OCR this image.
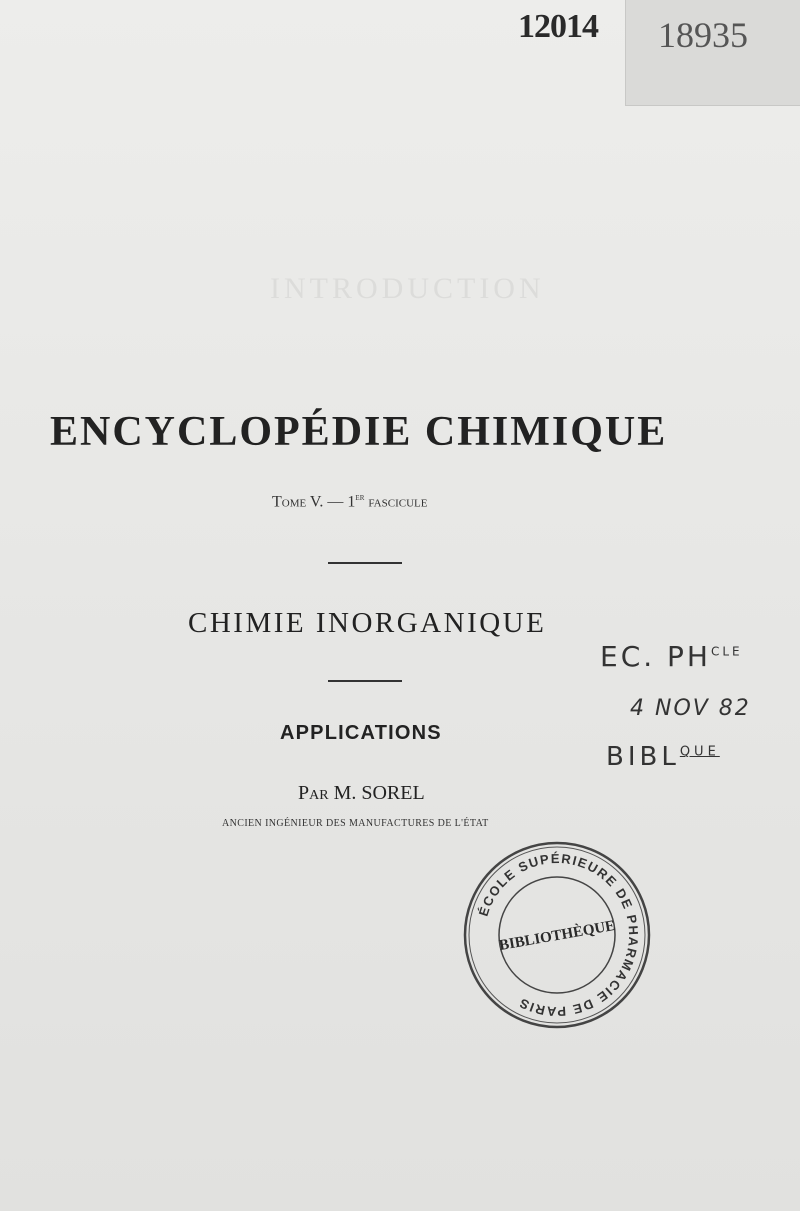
INTRODUCTION
12014 18935
ENCYCLOPÉDIE CHIMIQUE
Tome V. — 1er fascicule
CHIMIE INORGANIQUE
APPLICATIONS
Par M. SOREL
ANCIEN INGÉNIEUR DES MANUFACTURES DE L'ÉTAT
EC. $PH^{CLE}$
4 NOV 82
$BIBL^{QUE}$
ÉCOLE SUPÉRIEURE DE PHARMACIE DE PARIS
BIBLIOTHÈQUE
